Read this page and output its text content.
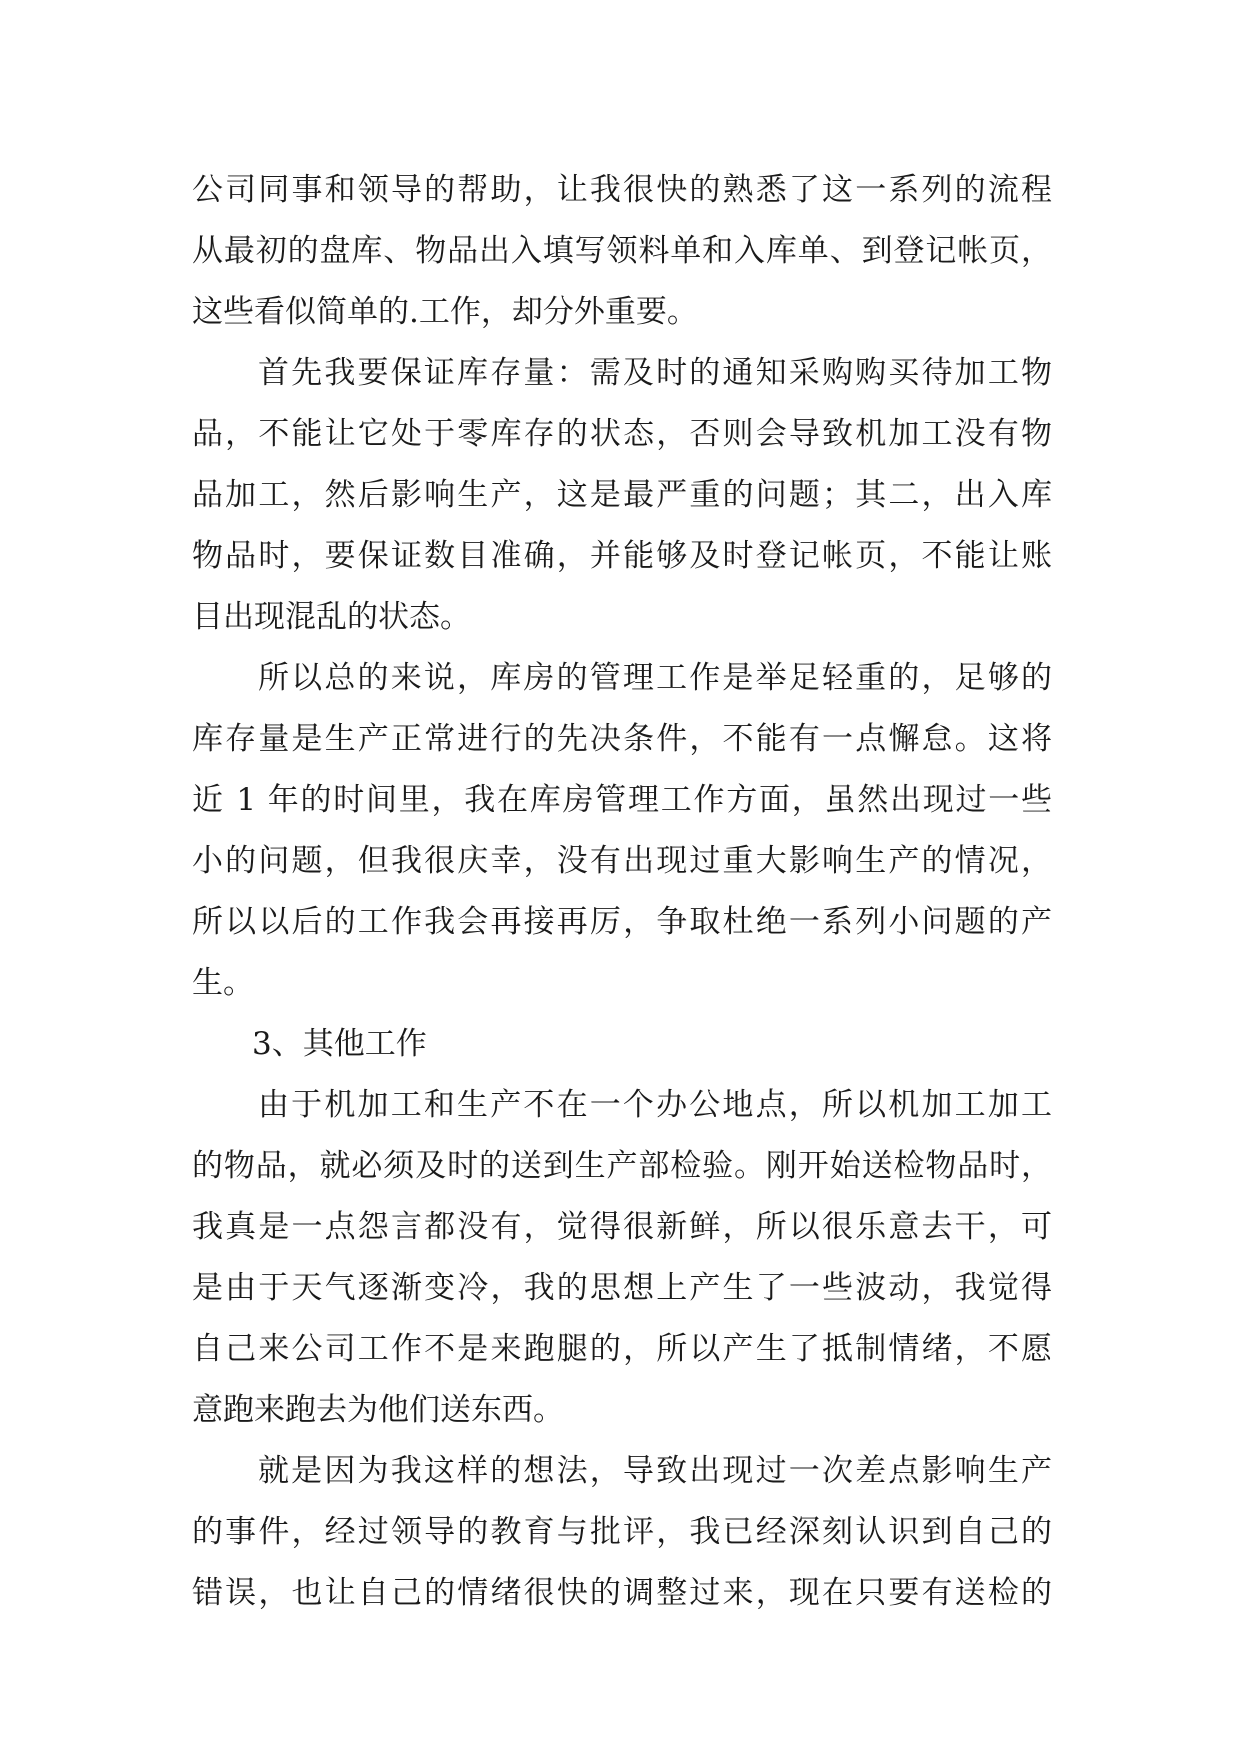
公司同事和领导的帮助，让我很快的熟悉了这一系列的流程
从最初的盘库、物品出入填写领料单和入库单、到登记帐页，
这些看似简单的.工作，却分外重要。
首先我要保证库存量：需及时的通知采购购买待加工物
品，不能让它处于零库存的状态，否则会导致机加工没有物
品加工，然后影响生产，这是最严重的问题；其二，出入库
物品时，要保证数目准确，并能够及时登记帐页，不能让账
目出现混乱的状态。
所以总的来说，库房的管理工作是举足轻重的，足够的
库存量是生产正常进行的先决条件，不能有一点懈怠。这将
近 1 年的时间里，我在库房管理工作方面，虽然出现过一些
小的问题，但我很庆幸，没有出现过重大影响生产的情况，
所以以后的工作我会再接再厉，争取杜绝一系列小问题的产
生。
3、其他工作
由于机加工和生产不在一个办公地点，所以机加工加工
的物品，就必须及时的送到生产部检验。刚开始送检物品时，
我真是一点怨言都没有，觉得很新鲜，所以很乐意去干，可
是由于天气逐渐变冷，我的思想上产生了一些波动，我觉得
自己来公司工作不是来跑腿的，所以产生了抵制情绪，不愿
意跑来跑去为他们送东西。
就是因为我这样的想法，导致出现过一次差点影响生产
的事件，经过领导的教育与批评，我已经深刻认识到自己的
错误，也让自己的情绪很快的调整过来，现在只要有送检的
